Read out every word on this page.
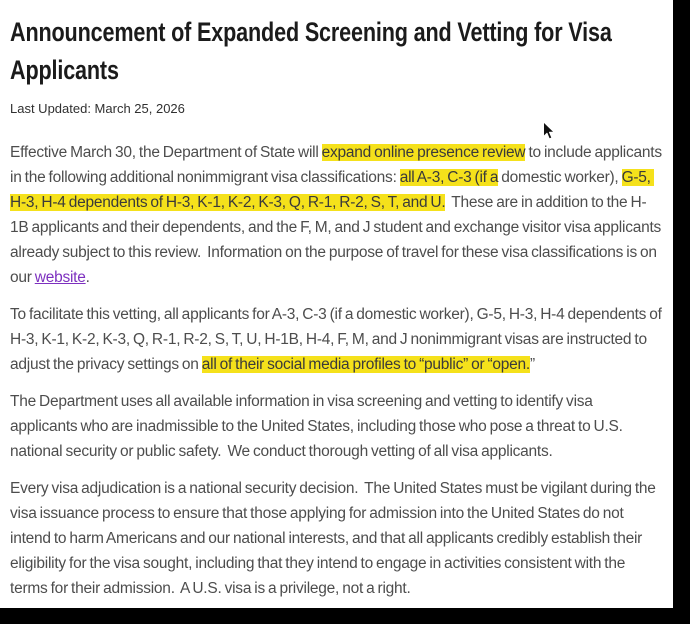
Announcement of Expanded Screening and Vetting for Visa
Applicants
Last Updated: March 25, 2026

Effective March 30, the Department of State will expand online presence review to include applicants in the following additional nonimmigrant visa classifications: all A-3, C-3 (if a domestic worker), G-5, H-3, H-4 dependents of H-3, K-1, K-2, K-3, Q, R-1, R-2, S, T, and U.  These are in addition to the H-1B applicants and their dependents, and the F, M, and J student and exchange visitor visa applicants already subject to this review.  Information on the purpose of travel for these visa classifications is on our website.

To facilitate this vetting, all applicants for A-3, C-3 (if a domestic worker), G-5, H-3, H-4 dependents of H-3, K-1, K-2, K-3, Q, R-1, R-2, S, T, U, H-1B, H-4, F, M, and J nonimmigrant visas are instructed to adjust the privacy settings on all of their social media profiles to “public” or “open.”

The Department uses all available information in visa screening and vetting to identify visa applicants who are inadmissible to the United States, including those who pose a threat to U.S. national security or public safety.  We conduct thorough vetting of all visa applicants.

Every visa adjudication is a national security decision.  The United States must be vigilant during the visa issuance process to ensure that those applying for admission into the United States do not intend to harm Americans and our national interests, and that all applicants credibly establish their eligibility for the visa sought, including that they intend to engage in activities consistent with the terms for their admission.  A U.S. visa is a privilege, not a right.
